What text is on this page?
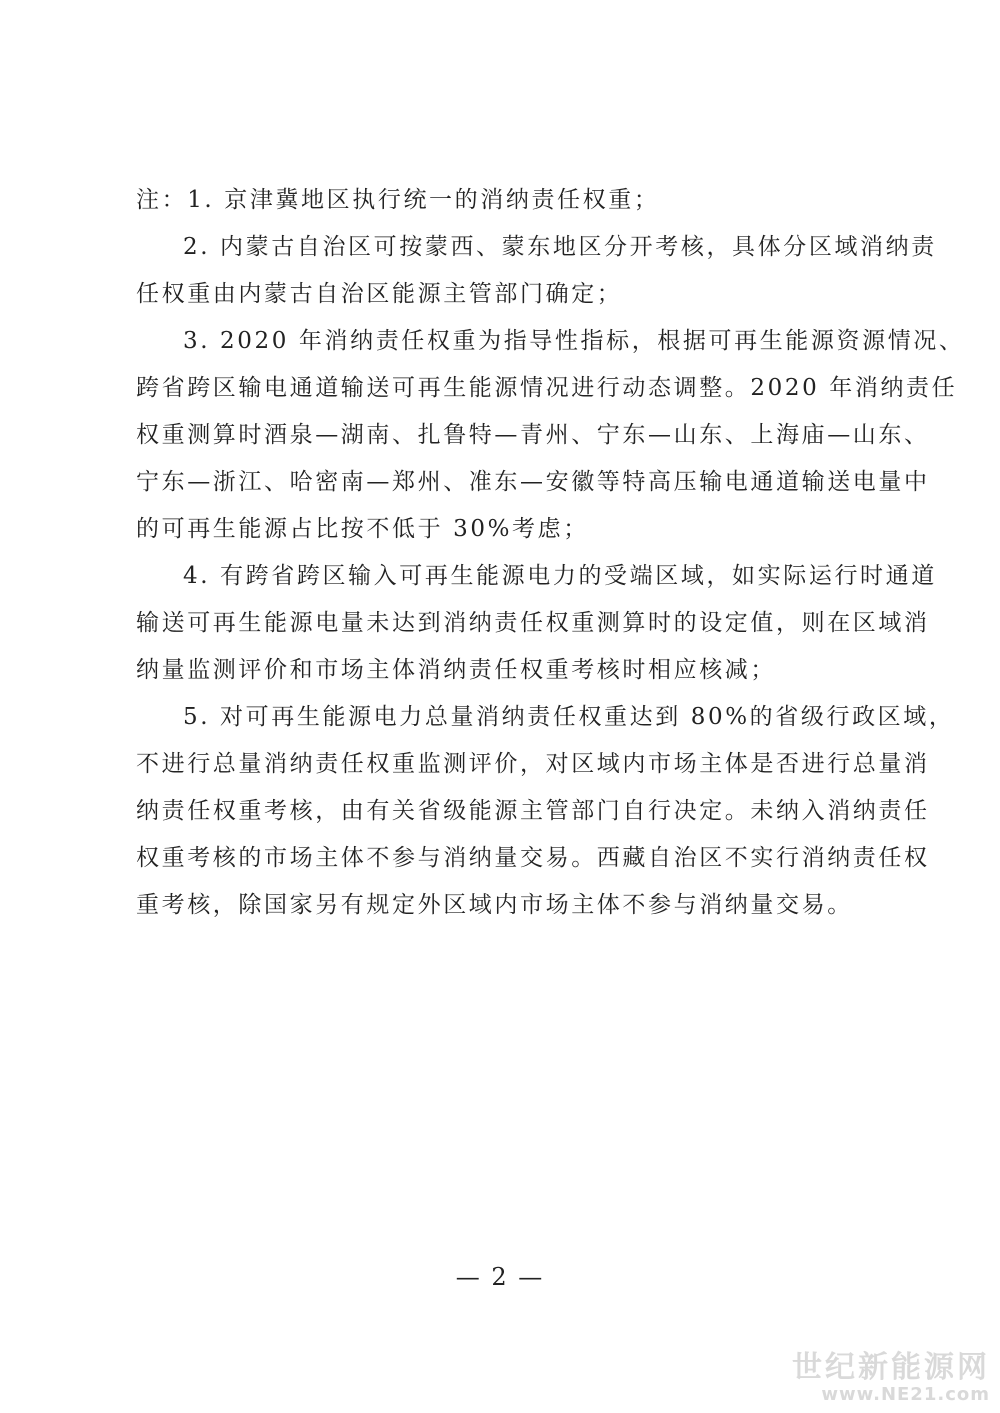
注：1. 京津冀地区执行统一的消纳责任权重；
2. 内蒙古自治区可按蒙西、蒙东地区分开考核，具体分区域消纳责
任权重由内蒙古自治区能源主管部门确定；
3. 2020 年消纳责任权重为指导性指标，根据可再生能源资源情况、
跨省跨区输电通道输送可再生能源情况进行动态调整。2020 年消纳责任
权重测算时酒泉—湖南、扎鲁特—青州、宁东—山东、上海庙—山东、
宁东—浙江、哈密南—郑州、准东—安徽等特高压输电通道输送电量中
的可再生能源占比按不低于 30%考虑；
4. 有跨省跨区输入可再生能源电力的受端区域，如实际运行时通道
输送可再生能源电量未达到消纳责任权重测算时的设定值，则在区域消
纳量监测评价和市场主体消纳责任权重考核时相应核减；
5. 对可再生能源电力总量消纳责任权重达到 80%的省级行政区域，
不进行总量消纳责任权重监测评价，对区域内市场主体是否进行总量消
纳责任权重考核，由有关省级能源主管部门自行决定。未纳入消纳责任
权重考核的市场主体不参与消纳量交易。西藏自治区不实行消纳责任权
重考核，除国家另有规定外区域内市场主体不参与消纳量交易。
— 2 —
世纪新能源网
www.NE21.com
